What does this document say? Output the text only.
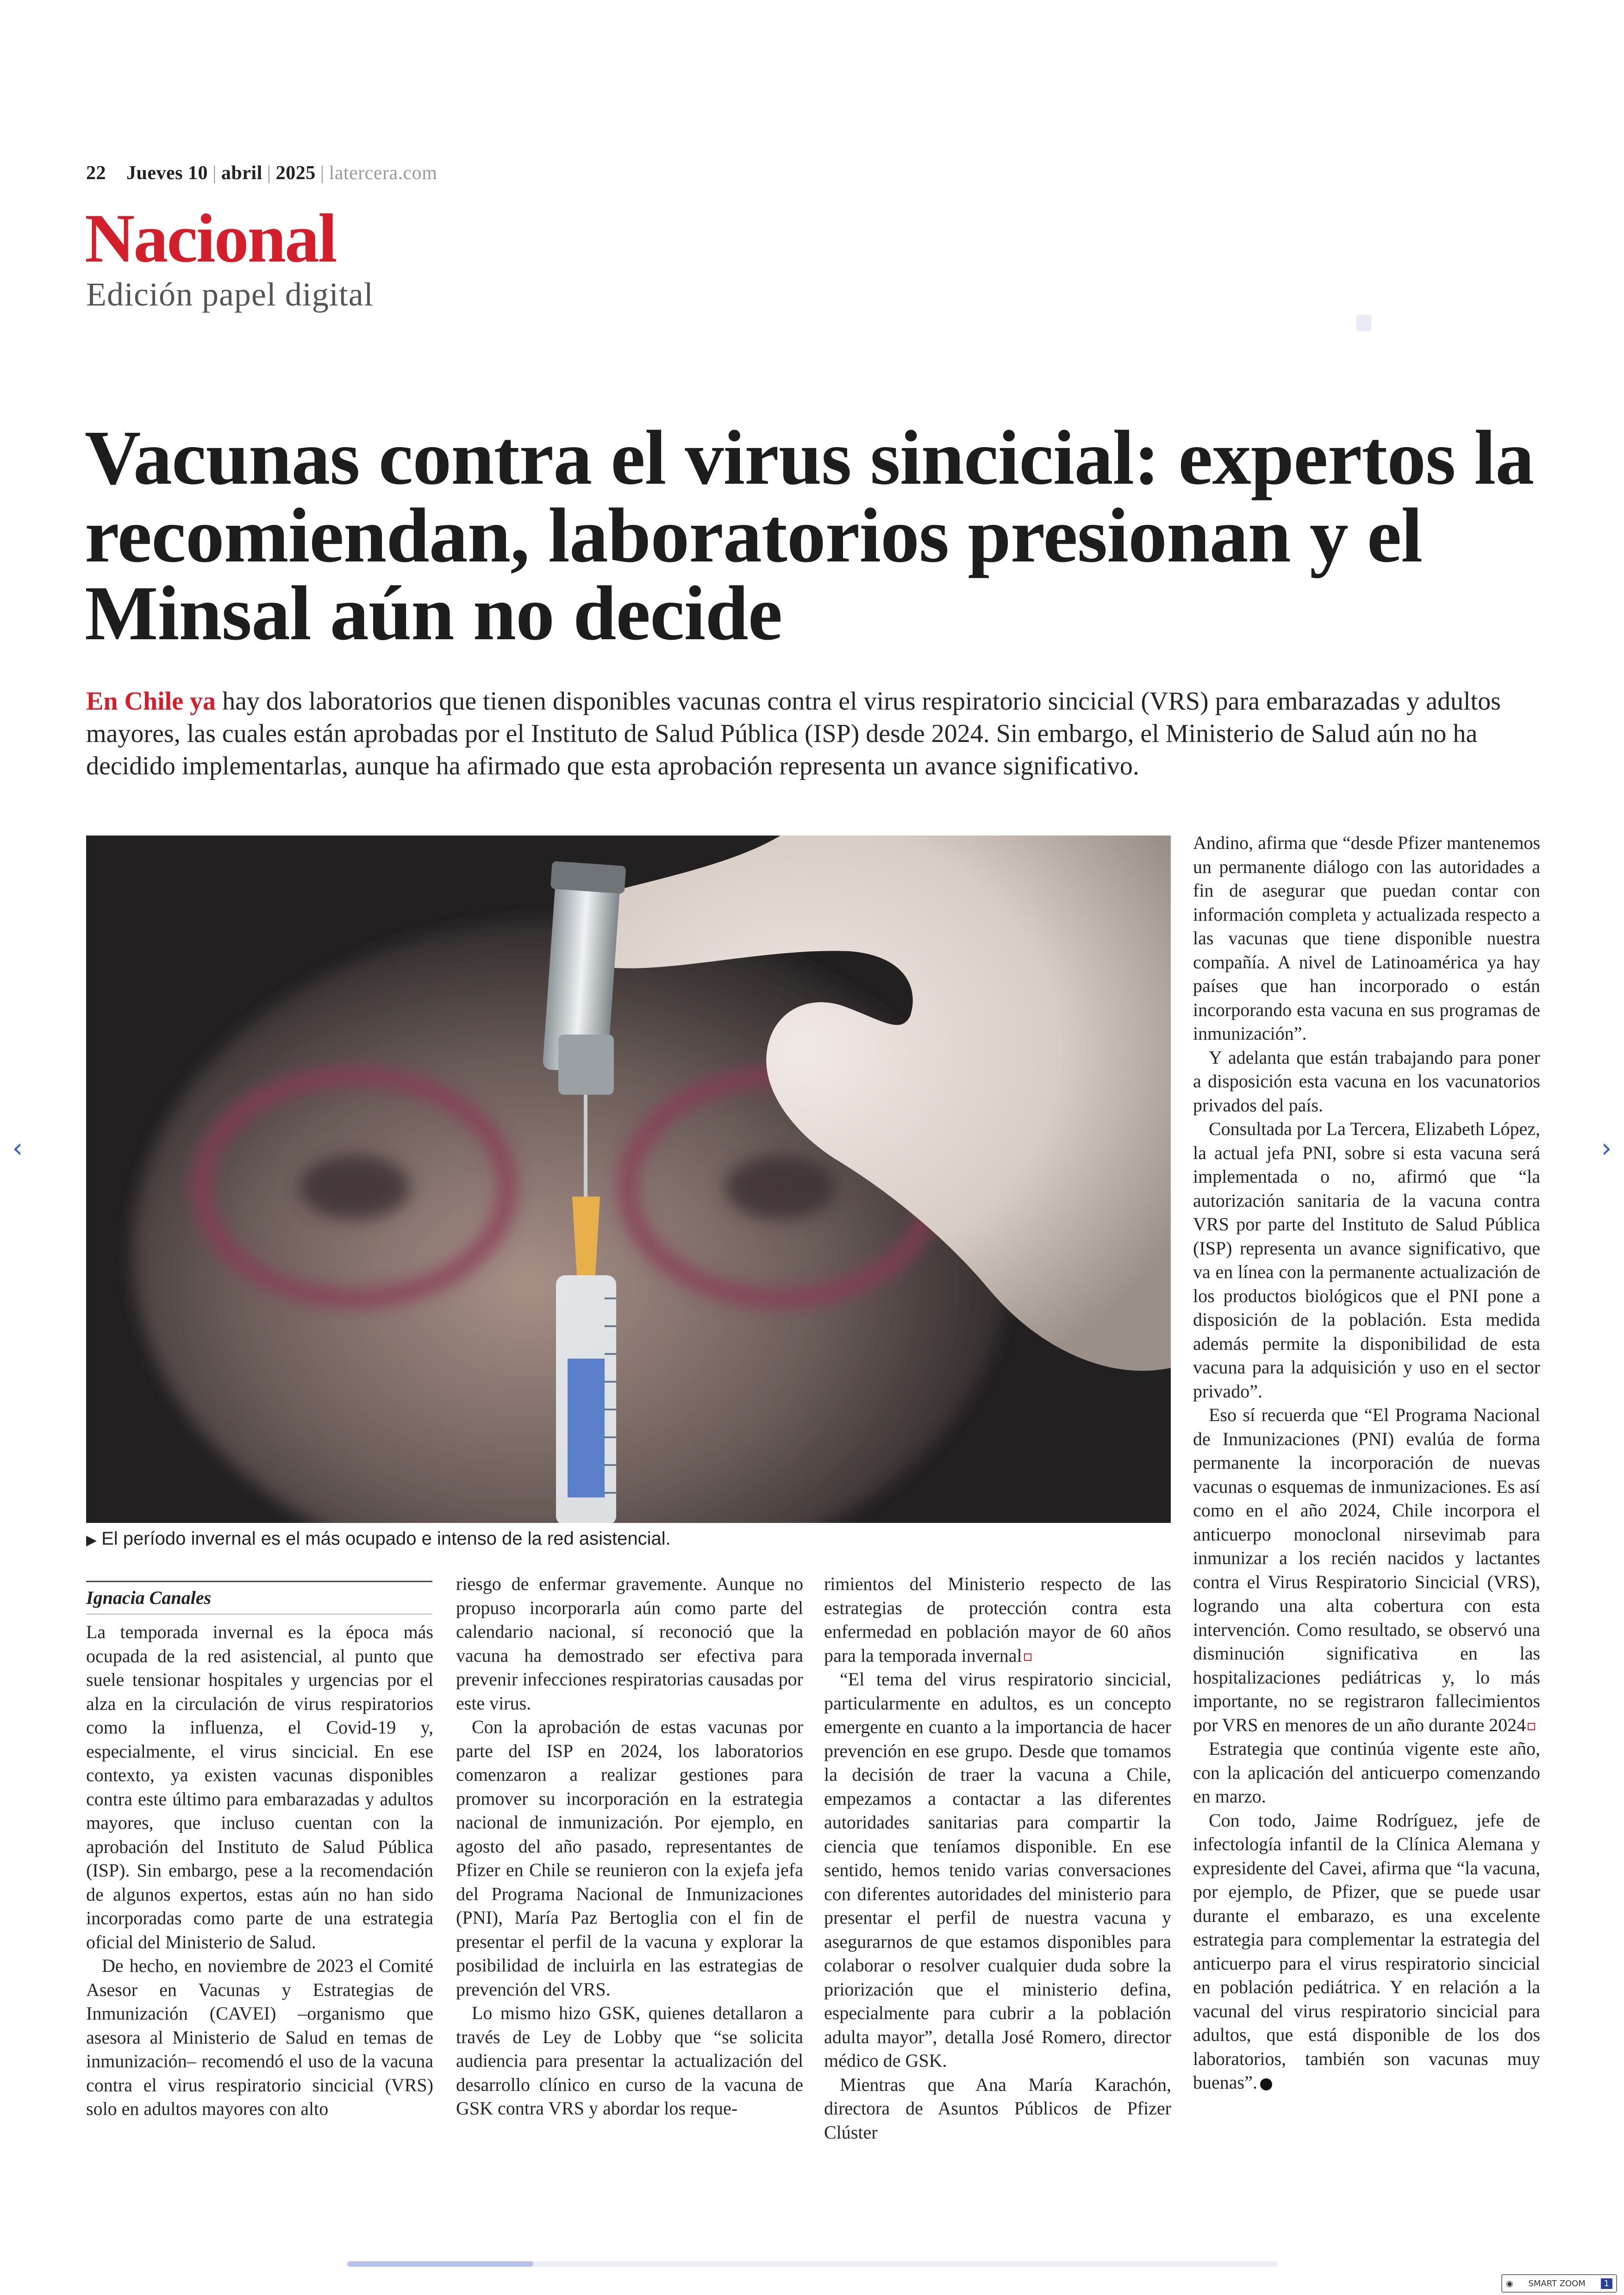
22 Jueves 10 | abril | 2025 | latercera.com
Nacional
Edición papel digital
Vacunas contra el virus sincicial: expertos la recomiendan, laboratorios presionan y el Minsal aún no decide
En Chile ya hay dos laboratorios que tienen disponibles vacunas contra el virus respiratorio sincicial (VRS) para embarazadas y adultos mayores, las cuales están aprobadas por el Instituto de Salud Pública (ISP) desde 2024. Sin embargo, el Ministerio de Salud aún no ha decidido implementarlas, aunque ha afirmado que esta aprobación representa un avance significativo.
▶ El período invernal es el más ocupado e intenso de la red asistencial.
Ignacia Canales

La temporada invernal es la época más ocupada de la red asistencial, al punto que suele tensionar hospitales y urgencias por el alza en la circulación de virus respiratorios como la influenza, el Covid-19 y, especialmente, el virus sincicial. En ese contexto, ya existen vacunas disponibles contra este último para embarazadas y adultos mayores, que incluso cuentan con la aprobación del Instituto de Salud Pública (ISP). Sin embargo, pese a la recomendación de algunos expertos, estas aún no han sido incorporadas como parte de una estrategia oficial del Ministerio de Salud.

De hecho, en noviembre de 2023 el Comité Asesor en Vacunas y Estrategias de Inmunización (CAVEI) –organismo que asesora al Ministerio de Salud en temas de inmunización– recomendó el uso de la vacuna contra el virus respiratorio sincicial (VRS) solo en adultos mayores con alto

riesgo de enfermar gravemente. Aunque no propuso incorporarla aún como parte del calendario nacional, sí reconoció que la vacuna ha demostrado ser efectiva para prevenir infecciones respiratorias causadas por este virus.

Con la aprobación de estas vacunas por parte del ISP en 2024, los laboratorios comenzaron a realizar gestiones para promover su incorporación en la estrategia nacional de inmunización. Por ejemplo, en agosto del año pasado, representantes de Pfizer en Chile se reunieron con la exjefa jefa del Programa Nacional de Inmunizaciones (PNI), María Paz Bertoglia con el fin de presentar el perfil de la vacuna y explorar la posibilidad de incluirla en las estrategias de prevención del VRS.

Lo mismo hizo GSK, quienes detallaron a través de Ley de Lobby que “se solicita audiencia para presentar la actualización del desarrollo clínico en curso de la vacuna de GSK contra VRS y abordar los reque-

rimientos del Ministerio respecto de las estrategias de protección contra esta enfermedad en población mayor de 60 años para la temporada invernal

“El tema del virus respiratorio sincicial, particularmente en adultos, es un concepto emergente en cuanto a la importancia de hacer prevención en ese grupo. Desde que tomamos la decisión de traer la vacuna a Chile, empezamos a contactar a las diferentes autoridades sanitarias para compartir la ciencia que teníamos disponible. En ese sentido, hemos tenido varias conversaciones con diferentes autoridades del ministerio para presentar el perfil de nuestra vacuna y asegurarnos de que estamos disponibles para colaborar o resolver cualquier duda sobre la priorización que el ministerio defina, especialmente para cubrir a la población adulta mayor”, detalla José Romero, director médico de GSK.

Mientras que Ana María Karachón, directora de Asuntos Públicos de Pfizer Clúster

Andino, afirma que “desde Pfizer mantenemos un permanente diálogo con las autoridades a fin de asegurar que puedan contar con información completa y actualizada respecto a las vacunas que tiene disponible nuestra compañía. A nivel de Latinoamérica ya hay países que han incorporado o están incorporando esta vacuna en sus programas de inmunización”.

Y adelanta que están trabajando para poner a disposición esta vacuna en los vacunatorios privados del país.

Consultada por La Tercera, Elizabeth López, la actual jefa PNI, sobre si esta vacuna será implementada o no, afirmó que “la autorización sanitaria de la vacuna contra VRS por parte del Instituto de Salud Pública (ISP) representa un avance significativo, que va en línea con la permanente actualización de los productos biológicos que el PNI pone a disposición de la población. Esta medida además permite la disponibilidad de esta vacuna para la adquisición y uso en el sector privado”.

Eso sí recuerda que “El Programa Nacional de Inmunizaciones (PNI) evalúa de forma permanente la incorporación de nuevas vacunas o esquemas de inmunizaciones. Es así como en el año 2024, Chile incorpora el anticuerpo monoclonal nirsevimab para inmunizar a los recién nacidos y lactantes contra el Virus Respiratorio Sincicial (VRS), logrando una alta cobertura con esta intervención. Como resultado, se observó una disminución significativa en las hospitalizaciones pediátricas y, lo más importante, no se registraron fallecimientos por VRS en menores de un año durante 2024

Estrategia que continúa vigente este año, con la aplicación del anticuerpo comenzando en marzo.

Con todo, Jaime Rodríguez, jefe de infectología infantil de la Clínica Alemana y expresidente del Cavei, afirma que “la vacuna, por ejemplo, de Pfizer, que se puede usar durante el embarazo, es una excelente estrategia para complementar la estrategia del anticuerpo para el virus respiratorio sincicial en población pediátrica. Y en relación a la vacunal del virus respiratorio sincicial para adultos, que está disponible de los dos laboratorios, también son vacunas muy buenas”.

‹	›
◉ SMART ZOOM	1
